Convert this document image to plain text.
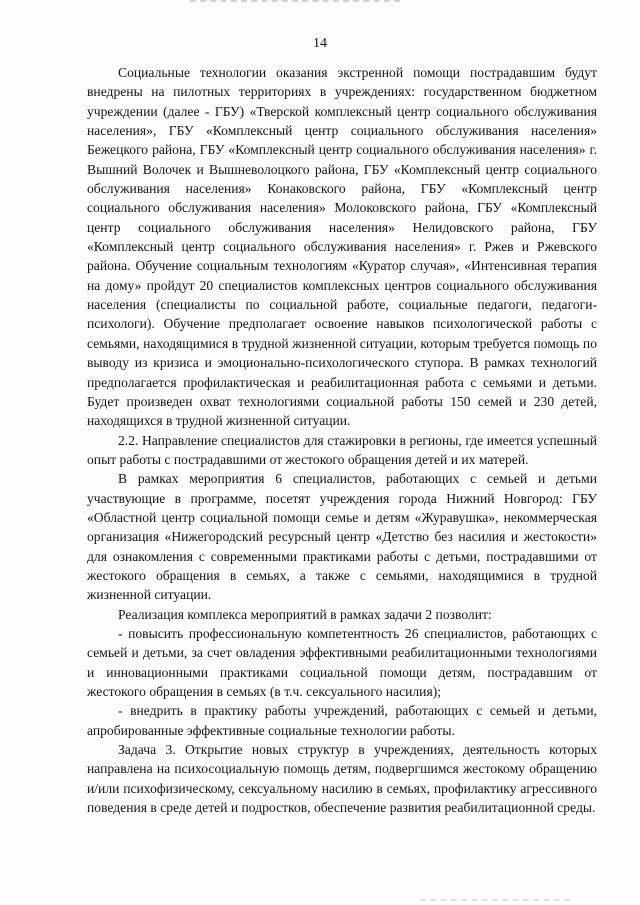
14

Социальные технологии оказания экстренной помощи пострадавшим будут внедрены на пилотных территориях в учреждениях: государственном бюджетном учреждении (далее - ГБУ) «Тверской комплексный центр социального обслуживания населения», ГБУ «Комплексный центр социального обслуживания населения» Бежецкого района, ГБУ «Комплексный центр социального обслуживания населения» г. Вышний Волочек и Вышневолоцкого района, ГБУ «Комплексный центр социального обслуживания населения» Конаковского района, ГБУ «Комплексный центр социального обслуживания населения» Молоковского района, ГБУ «Комплексный центр социального обслуживания населения» Нелидовского района, ГБУ «Комплексный центр социального обслуживания населения» г. Ржев и Ржевского района. Обучение социальным технологиям «Куратор случая», «Интенсивная терапия на дому» пройдут 20 специалистов комплексных центров социального обслуживания населения (специалисты по социальной работе, социальные педагоги, педагоги-психологи). Обучение предполагает освоение навыков психологической работы с семьями, находящимися в трудной жизненной ситуации, которым требуется помощь по выводу из кризиса и эмоционально-психологического ступора. В рамках технологий предполагается профилактическая и реабилитационная работа с семьями и детьми. Будет произведен охват технологиями социальной работы 150 семей и 230 детей, находящихся в трудной жизненной ситуации.

2.2. Направление специалистов для стажировки в регионы, где имеется успешный опыт работы с пострадавшими от жестокого обращения детей и их матерей.

В рамках мероприятия 6 специалистов, работающих с семьей и детьми участвующие в программе, посетят учреждения города Нижний Новгород: ГБУ «Областной центр социальной помощи семье и детям «Журавушка», некоммерческая организация «Нижегородский ресурсный центр «Детство без насилия и жестокости» для ознакомления с современными практиками работы с детьми, пострадавшими от жестокого обращения в семьях, а также с семьями, находящимися в трудной жизненной ситуации.

Реализация комплекса мероприятий в рамках задачи 2 позволит:

- повысить профессиональную компетентность 26 специалистов, работающих с семьей и детьми, за счет овладения эффективными реабилитационными технологиями и инновационными практиками социальной помощи детям, пострадавшим от жестокого обращения в семьях (в т.ч. сексуального насилия);

- внедрить в практику работы учреждений, работающих с семьей и детьми, апробированные эффективные социальные технологии работы.

Задача 3. Открытие новых структур в учреждениях, деятельность которых направлена на психосоциальную помощь детям, подвергшимся жестокому обращению и/или психофизическому, сексуальному насилию в семьях, профилактику агрессивного поведения в среде детей и подростков, обеспечение развития реабилитационной среды.
